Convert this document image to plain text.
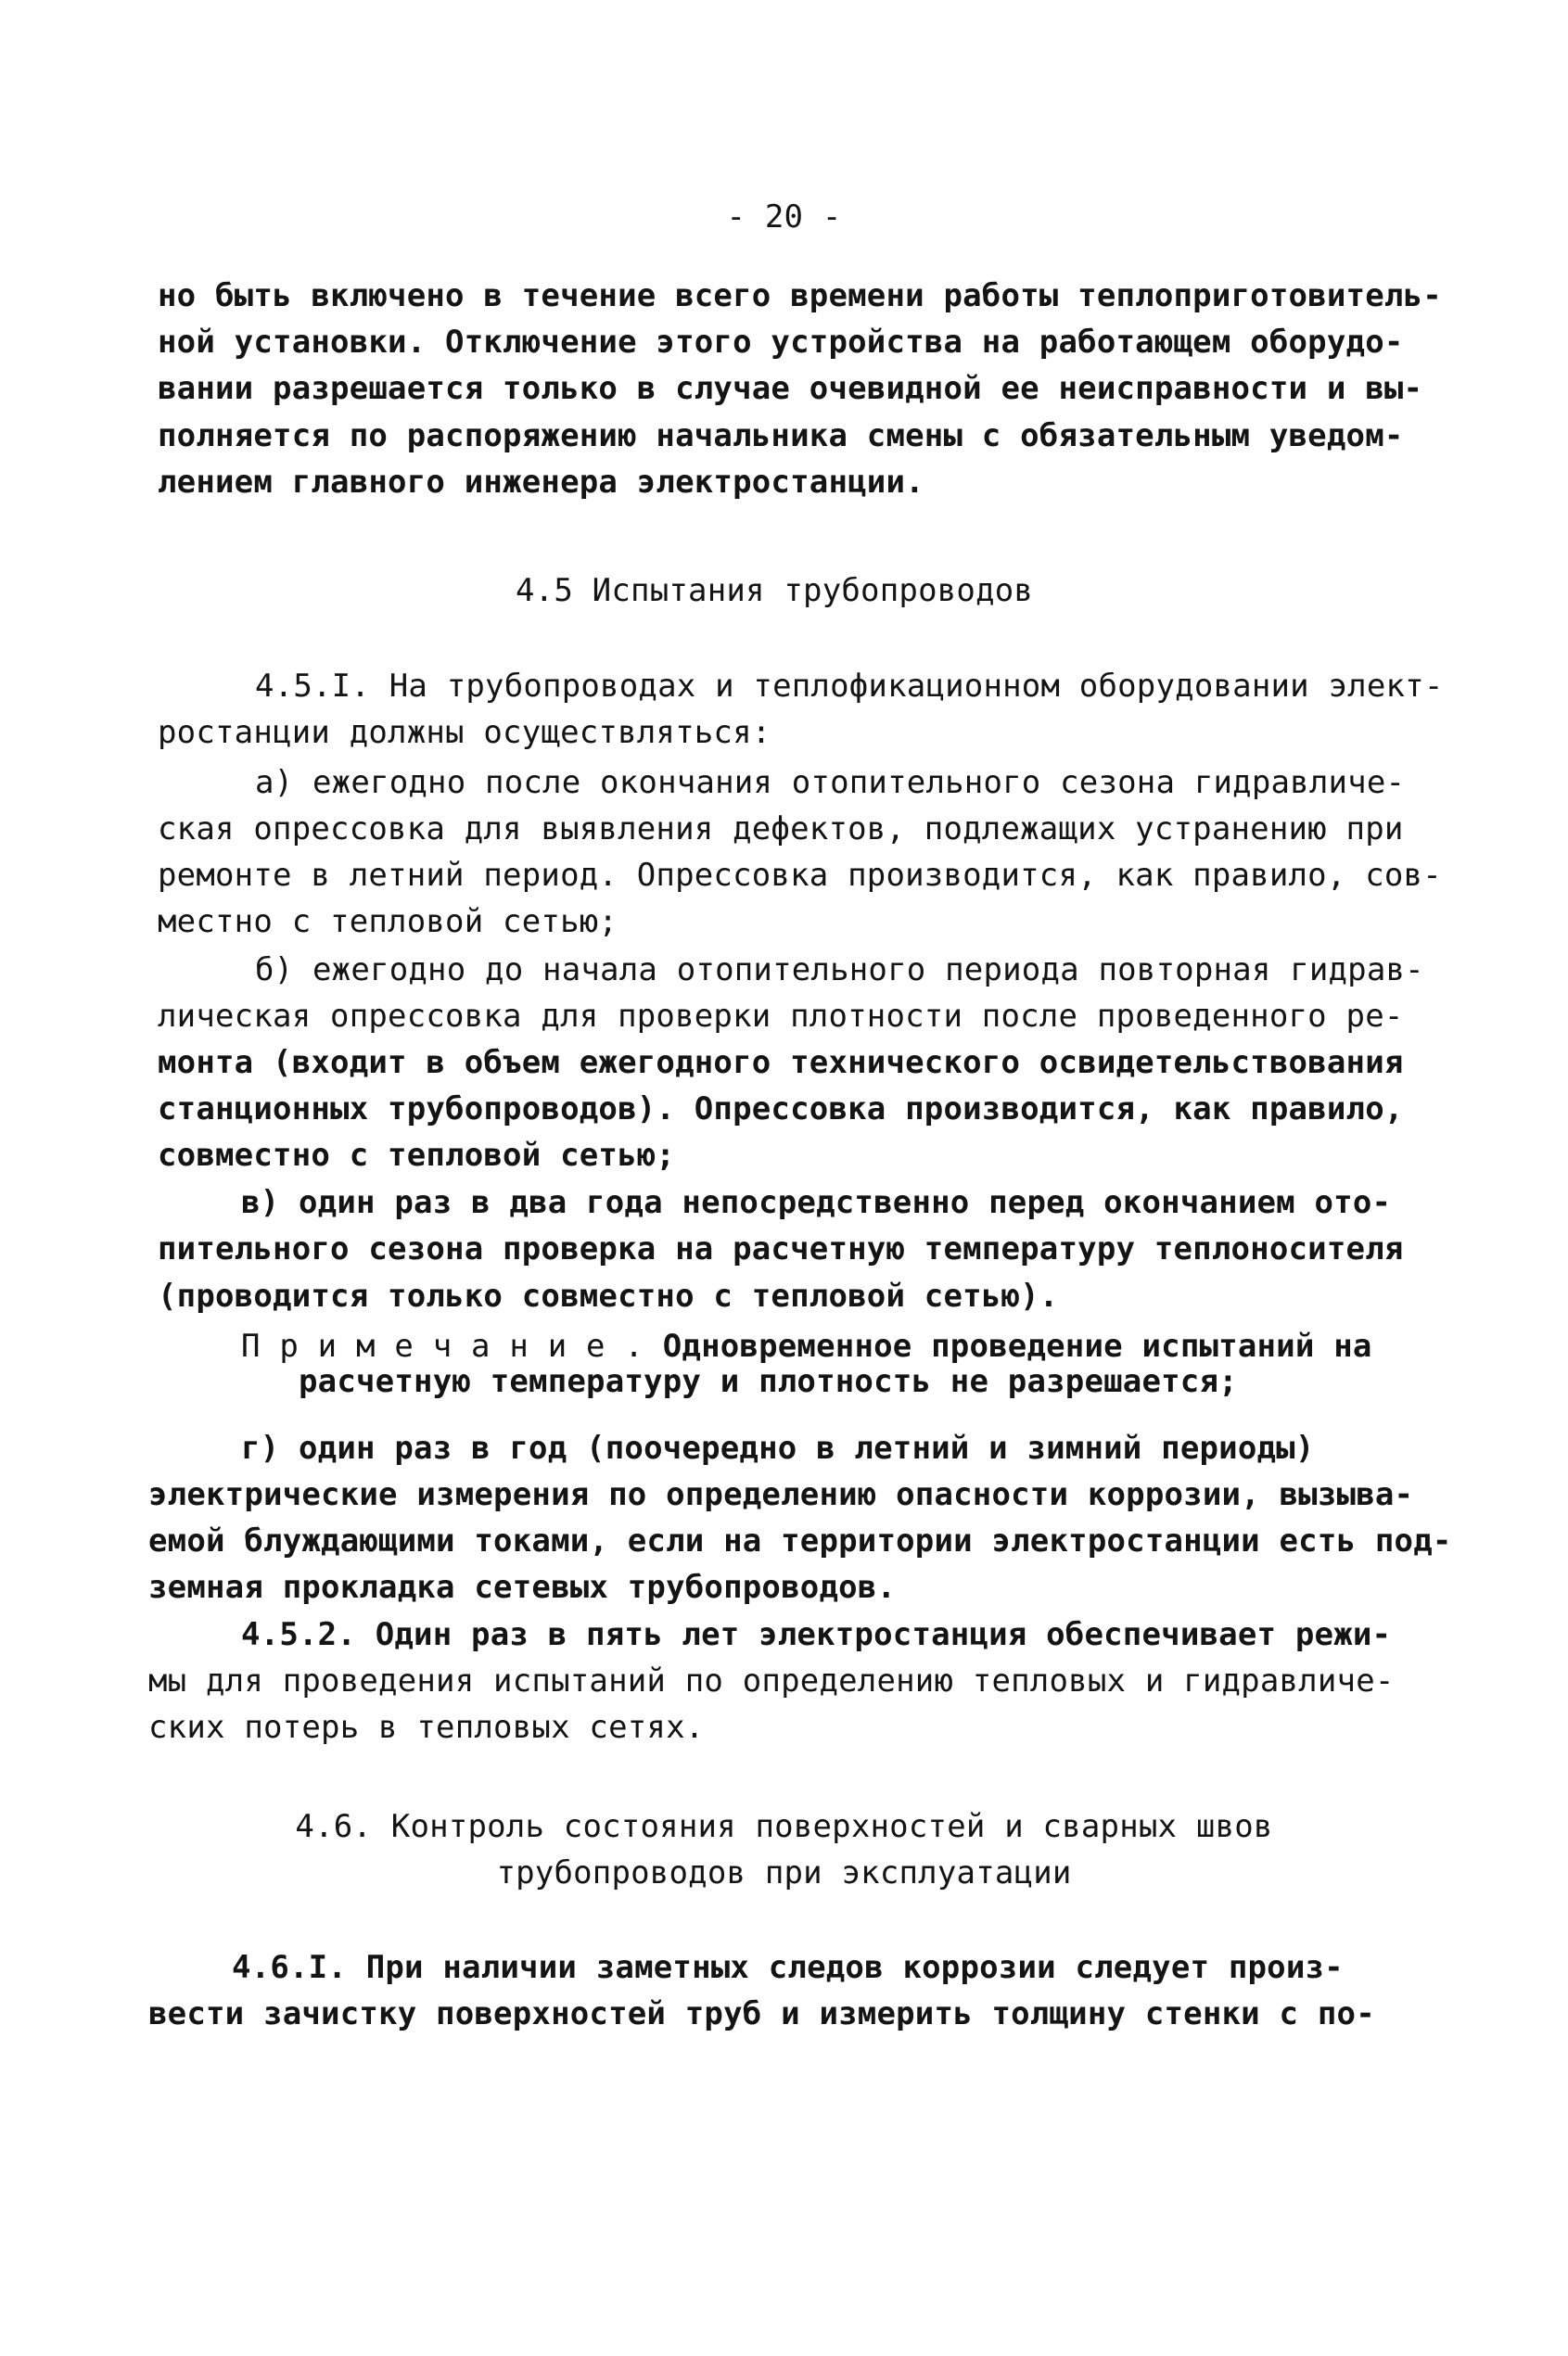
- 20 -
но быть включено в течение всего времени работы теплоприготовитель-
ной установки. Отключение этого устройства на работающем оборудо-
вании разрешается только в случае очевидной ее неисправности и вы-
полняется по распоряжению начальника смены с обязательным уведом-
лением главного инженера электростанции.
4.5 Испытания трубопроводов
4.5.I. На трубопроводах и теплофикационном оборудовании элект-
ростанции должны осуществляться:
а) ежегодно после окончания отопительного сезона гидравличе-
ская опрессовка для выявления дефектов, подлежащих устранению при
ремонте в летний период. Опрессовка производится, как правило, сов-
местно с тепловой сетью;
б) ежегодно до начала отопительного периода повторная гидрав-
лическая опрессовка для проверки плотности после проведенного ре-
монта (входит в объем ежегодного технического освидетельствования
станционных трубопроводов). Опрессовка производится, как правило,
совместно с тепловой сетью;
в) один раз в два года непосредственно перед окончанием ото-
пительного сезона проверка на расчетную температуру теплоносителя
(проводится только совместно с тепловой сетью).
П р и м е ч а н и е . Одновременное проведение испытаний на
расчетную температуру и плотность не разрешается;
г) один раз в год (поочередно в летний и зимний периоды)
электрические измерения по определению опасности коррозии, вызыва-
емой блуждающими токами, если на территории электростанции есть под-
земная прокладка сетевых трубопроводов.
4.5.2. Один раз в пять лет электростанция обеспечивает режи-
мы для проведения испытаний по определению тепловых и гидравличе-
ских потерь в тепловых сетях.
4.6. Контроль состояния поверхностей и сварных швов
трубопроводов при эксплуатации
4.6.I. При наличии заметных следов коррозии следует произ-
вести зачистку поверхностей труб и измерить толщину стенки с по-
